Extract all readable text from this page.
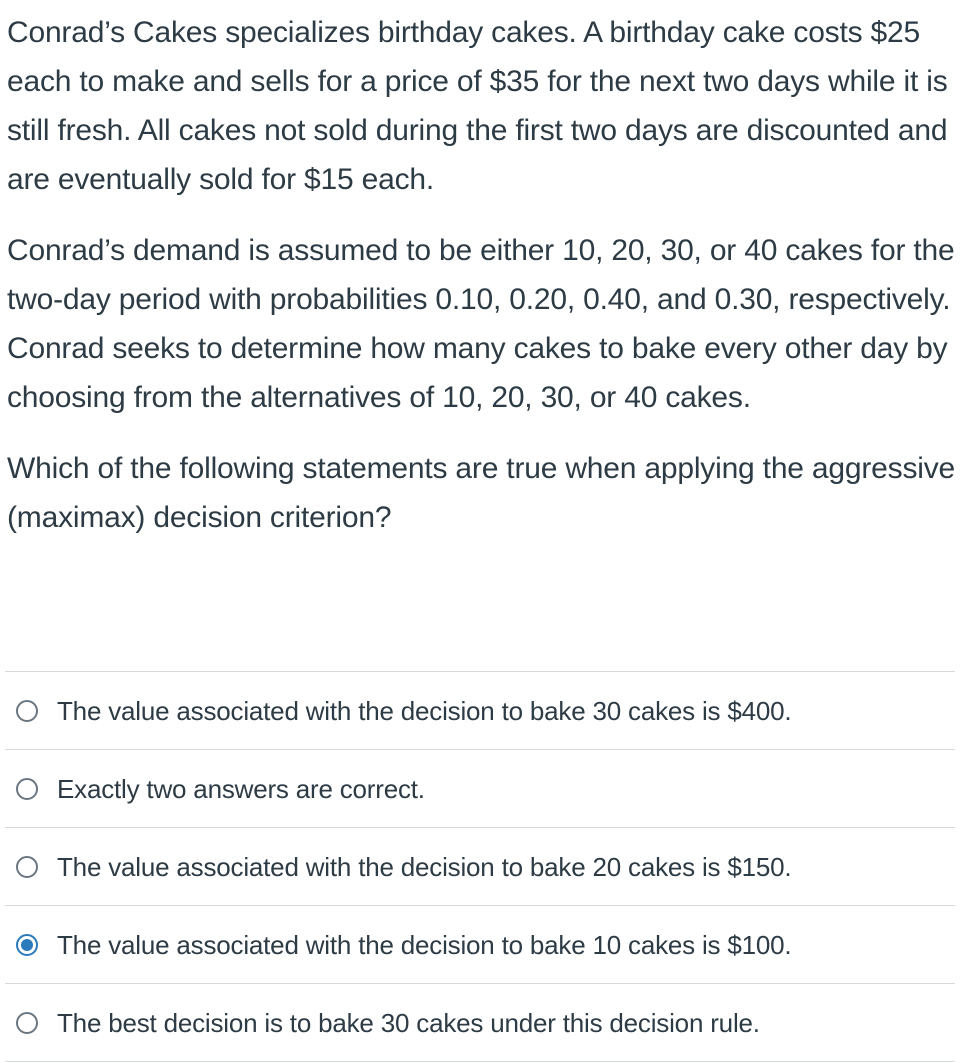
Conrad’s Cakes specializes birthday cakes. A birthday cake costs $25 each to make and sells for a price of $35 for the next two days while it is still fresh. All cakes not sold during the first two days are discounted and are eventually sold for $15 each.

Conrad’s demand is assumed to be either 10, 20, 30, or 40 cakes for the two-day period with probabilities 0.10, 0.20, 0.40, and 0.30, respectively. Conrad seeks to determine how many cakes to bake every other day by choosing from the alternatives of 10, 20, 30, or 40 cakes.

Which of the following statements are true when applying the aggressive (maximax) decision criterion?

The value associated with the decision to bake 30 cakes is $400.
Exactly two answers are correct.
The value associated with the decision to bake 20 cakes is $150.
The value associated with the decision to bake 10 cakes is $100.
The best decision is to bake 30 cakes under this decision rule.
